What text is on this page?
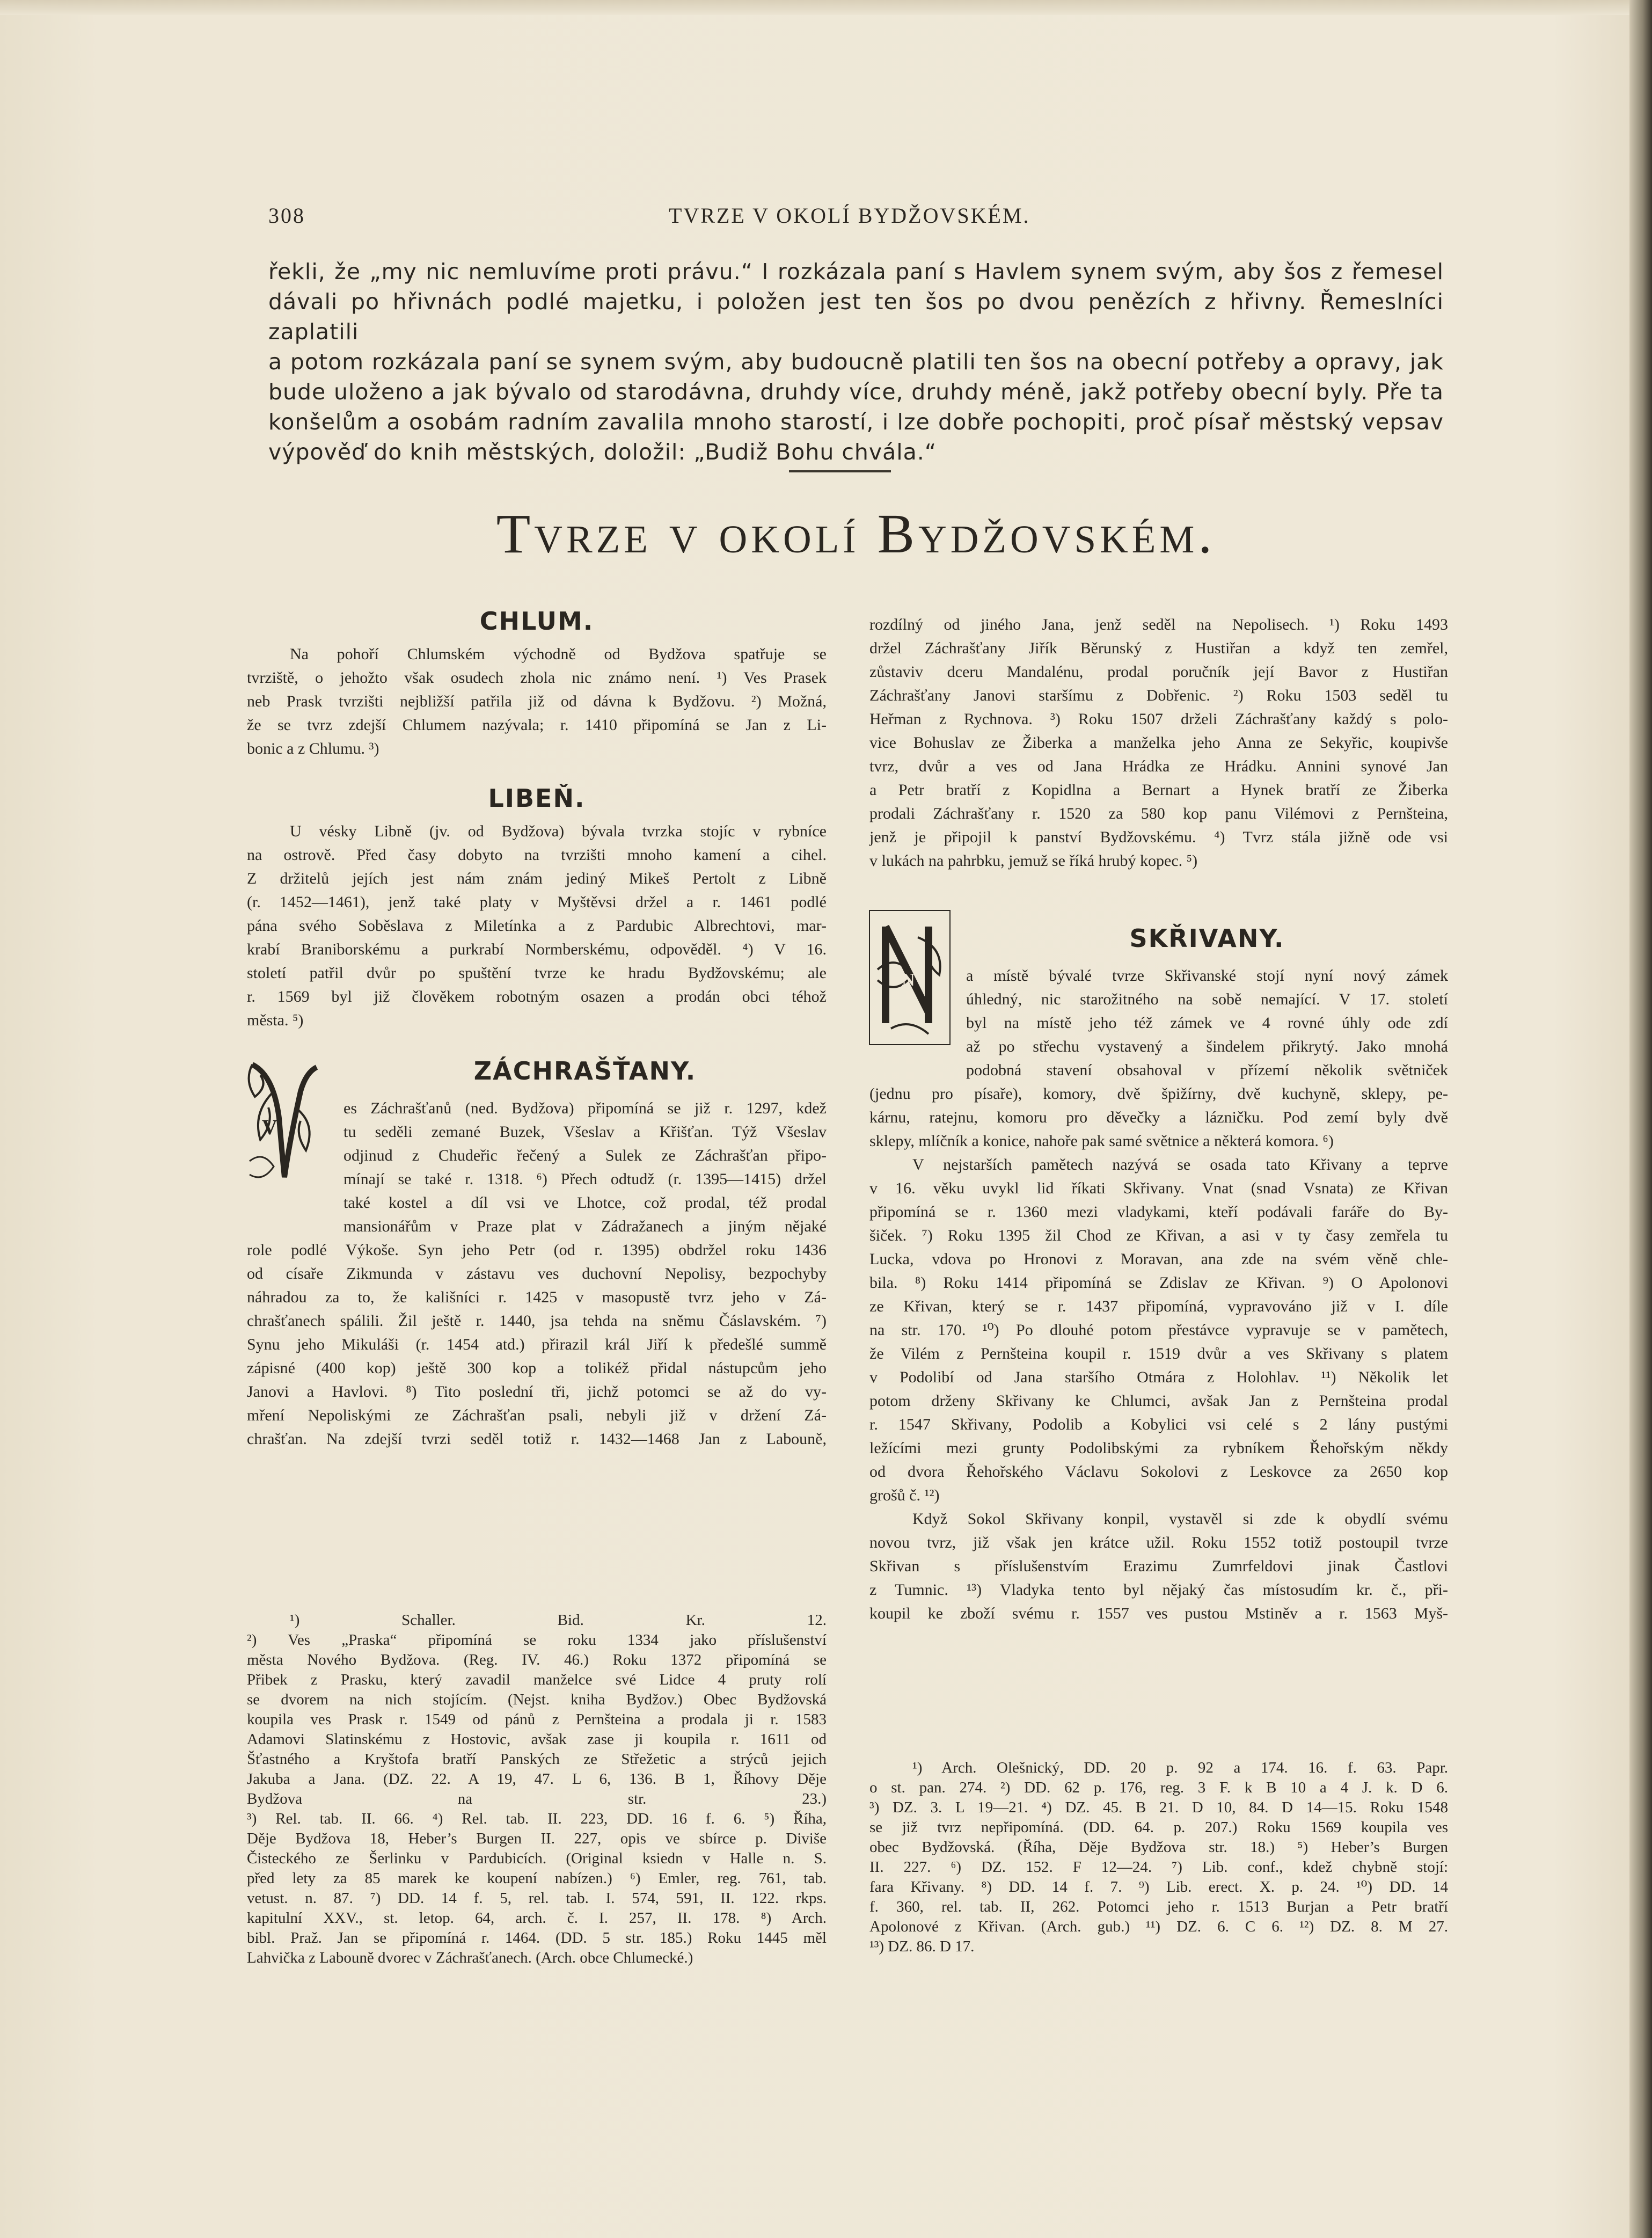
308	TVRZE V OKOLÍ BYDŽOVSKÉM.
řekli, že „my nic nemluvíme proti právu.“ I rozkázala paní s Havlem synem svým, aby šos z řemesel
dávali po hřivnách podlé majetku, i položen jest ten šos po dvou penězích z hřivny. Řemeslníci zaplatili
a potom rozkázala paní se synem svým, aby budoucně platili ten šos na obecní potřeby a opravy, jak
bude uloženo a jak bývalo od starodávna, druhdy více, druhdy méně, jakž potřeby obecní byly. Pře ta
konšelům a osobám radním zavalila mnoho starostí, i lze dobře pochopiti, proč písař městský vepsav
výpověď do knih městských, doložil: „Budiž Bohu chvála.“
Tvrze v okolí Bydžovském.
CHLUM.
Na pohoří Chlumském východně od Bydžova spatřuje se
tvrziště, o jehožto však osudech zhola nic známo není. ¹) Ves Prasek
neb Prask tvrzišti nejbližší patřila již od dávna k Bydžovu. ²) Možná,
že se tvrz zdejší Chlumem nazývala; r. 1410 připomíná se Jan z Li-
bonic a z Chlumu. ³)
LIBEŇ.
U vésky Libně (jv. od Bydžova) bývala tvrzka stojíc v rybníce
na ostrově. Před časy dobyto na tvrzišti mnoho kamení a cihel.
Z držitelů jejích jest nám znám jediný Mikeš Pertolt z Libně
(r. 1452—1461), jenž také platy v Myštěvsi držel a r. 1461 podlé
pána svého Soběslava z Miletínka a z Pardubic Albrechtovi, mar-
krabí Braniborskému a purkrabí Normberskému, odpověděl. ⁴) V 16.
století patřil dvůr po spuštění tvrze ke hradu Bydžovskému; ale
r. 1569 byl již člověkem robotným osazen a prodán obci téhož
města. ⁵)
V
ZÁCHRAŠŤANY.
es Záchrašťanů (ned. Bydžova) připomíná se již r. 1297, kdež
tu seděli zemané Buzek, Všeslav a Křišťan. Týž Všeslav
odjinud z Chudeřic řečený a Sulek ze Záchrašťan připo-
mínají se také r. 1318. ⁶) Přech odtudž (r. 1395—1415) držel
také kostel a díl vsi ve Lhotce, což prodal, též prodal
mansionářům v Praze plat v Zádražanech a jiným nějaké
role podlé Výkoše. Syn jeho Petr (od r. 1395) obdržel roku 1436
od císaře Zikmunda v zástavu ves duchovní Nepolisy, bezpochyby
náhradou za to, že kališníci r. 1425 v masopustě tvrz jeho v Zá-
chrašťanech spálili. Žil ještě r. 1440, jsa tehda na sněmu Čáslavském. ⁷)
Synu jeho Mikuláši (r. 1454 atd.) přirazil král Jiří k předešlé summě
zápisné (400 kop) ještě 300 kop a tolikéž přidal nástupcům jeho
Janovi a Havlovi. ⁸) Tito poslední tři, jichž potomci se až do vy-
mření Nepoliskými ze Záchrašťan psali, nebyli již v držení Zá-
chrašťan. Na zdejší tvrzi seděl totiž r. 1432—1468 Jan z Labouně,
¹) Schaller. Bid. Kr. 12.
²) Ves „Praska“ připomíná se roku 1334 jako příslušenství
města Nového Bydžova. (Reg. IV. 46.) Roku 1372 připomíná se
Přibek z Prasku, který zavadil manželce své Lidce 4 pruty rolí
se dvorem na nich stojícím. (Nejst. kniha Bydžov.) Obec Bydžovská
koupila ves Prask r. 1549 od pánů z Pernšteina a prodala ji r. 1583
Adamovi Slatinskému z Hostovic, avšak zase ji koupila r. 1611 od
Šťastného a Kryštofa bratří Panských ze Střežetic a strýců jejich
Jakuba a Jana. (DZ. 22. A 19, 47. L 6, 136. B 1, Říhovy Děje
Bydžova na str. 23.)
³) Rel. tab. II. 66. ⁴) Rel. tab. II. 223, DD. 16 f. 6. ⁵) Říha,
Děje Bydžova 18, Heber’s Burgen II. 227, opis ve sbírce p. Diviše
Čisteckého ze Šerlinku v Pardubicích. (Original ksiedn v Halle n. S.
před lety za 85 marek ke koupení nabízen.) ⁶) Emler, reg. 761, tab.
vetust. n. 87. ⁷) DD. 14 f. 5, rel. tab. I. 574, 591, II. 122. rkps.
kapitulní XXV., st. letop. 64, arch. č. I. 257, II. 178. ⁸) Arch.
bibl. Praž. Jan se připomíná r. 1464. (DD. 5 str. 185.) Roku 1445 měl
Lahvička z Labouně dvorec v Záchrašťanech. (Arch. obce Chlumecké.)
rozdílný od jiného Jana, jenž seděl na Nepolisech. ¹) Roku 1493
držel Záchrašťany Jiřík Běrunský z Hustiřan a když ten zemřel,
zůstaviv dceru Mandalénu, prodal poručník její Bavor z Hustiřan
Záchrašťany Janovi staršímu z Dobřenic. ²) Roku 1503 seděl tu
Heřman z Rychnova. ³) Roku 1507 drželi Záchrašťany každý s polo-
vice Bohuslav ze Žiberka a manželka jeho Anna ze Sekyřic, koupivše
tvrz, dvůr a ves od Jana Hrádka ze Hrádku. Annini synové Jan
a Petr bratří z Kopidlna a Bernart a Hynek bratří ze Žiberka
prodali Záchrašťany r. 1520 za 580 kop panu Vilémovi z Pernšteina,
jenž je připojil k panství Bydžovskému. ⁴) Tvrz stála jižně ode vsi
v lukách na pahrbku, jemuž se říká hrubý kopec. ⁵)
N
SKŘIVANY.
a místě bývalé tvrze Skřivanské stojí nyní nový zámek
úhledný, nic starožitného na sobě nemající. V 17. století
byl na místě jeho též zámek ve 4 rovné úhly ode zdí
až po střechu vystavený a šindelem přikrytý. Jako mnohá
podobná stavení obsahoval v přízemí několik světniček
(jednu pro písaře), komory, dvě špižírny, dvě kuchyně, sklepy, pe-
kárnu, ratejnu, komoru pro děvečky a lázničku. Pod zemí byly dvě
sklepy, mlíčník a konice, nahoře pak samé světnice a některá komora. ⁶)
V nejstarších pamětech nazývá se osada tato Křivany a teprve
v 16. věku uvykl lid říkati Skřivany. Vnat (snad Vsnata) ze Křivan
připomíná se r. 1360 mezi vladykami, kteří podávali faráře do By-
šiček. ⁷) Roku 1395 žil Chod ze Křivan, a asi v ty časy zemřela tu
Lucka, vdova po Hronovi z Moravan, ana zde na svém věně chle-
bila. ⁸) Roku 1414 připomíná se Zdislav ze Křivan. ⁹) O Apolonovi
ze Křivan, který se r. 1437 připomíná, vypravováno již v I. díle
na str. 170. ¹⁰) Po dlouhé potom přestávce vypravuje se v pamětech,
že Vilém z Pernšteina koupil r. 1519 dvůr a ves Skřivany s platem
v Podolibí od Jana staršího Otmára z Holohlav. ¹¹) Několik let
potom drženy Skřivany ke Chlumci, avšak Jan z Pernšteina prodal
r. 1547 Skřivany, Podolib a Kobylici vsi celé s 2 lány pustými
ležícími mezi grunty Podolibskými za rybníkem Řehořským někdy
od dvora Řehořského Václavu Sokolovi z Leskovce za 2650 kop
grošů č. ¹²)
Když Sokol Skřivany konpil, vystavěl si zde k obydlí svému
novou tvrz, již však jen krátce užil. Roku 1552 totiž postoupil tvrze
Skřivan s příslušenstvím Erazimu Zumrfeldovi jinak Častlovi
z Tumnic. ¹³) Vladyka tento byl nějaký čas místosudím kr. č., při-
koupil ke zboží svému r. 1557 ves pustou Mstiněv a r. 1563 Myš-
¹) Arch. Olešnický, DD. 20 p. 92 a 174. 16. f. 63. Papr.
o st. pan. 274. ²) DD. 62 p. 176, reg. 3 F. k B 10 a 4 J. k. D 6.
³) DZ. 3. L 19—21. ⁴) DZ. 45. B 21. D 10, 84. D 14—15. Roku 1548
se již tvrz nepřipomíná. (DD. 64. p. 207.) Roku 1569 koupila ves
obec Bydžovská. (Říha, Děje Bydžova str. 18.) ⁵) Heber’s Burgen
II. 227. ⁶) DZ. 152. F 12—24. ⁷) Lib. conf., kdež chybně stojí:
fara Křivany. ⁸) DD. 14 f. 7. ⁹) Lib. erect. X. p. 24. ¹⁰) DD. 14
f. 360, rel. tab. II, 262. Potomci jeho r. 1513 Burjan a Petr bratří
Apolonové z Křivan. (Arch. gub.) ¹¹) DZ. 6. C 6. ¹²) DZ. 8. M 27.
¹³) DZ. 86. D 17.
